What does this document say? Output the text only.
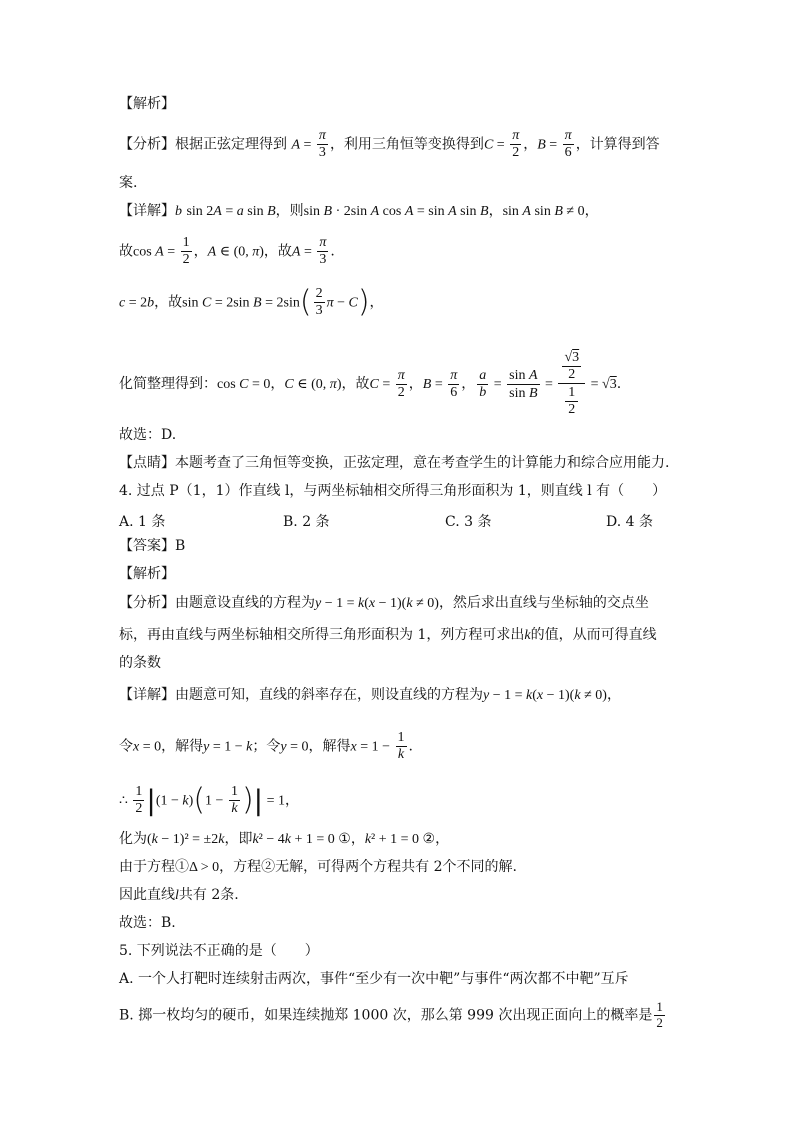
【解析】
【分析】根据正弦定理得到 $A = \frac{\pi}{3}$ ，利用三角恒等变换得到$C = \frac{\pi}{2}$ ，$B = \frac{\pi}{6}$ ，计算得到答
案.
【详解】b sin 2A = a sin B，则sin B · 2sin A cos A = sin A sin B，sin A sin B ≠ 0，
故$\cos A = \frac{1}{2}$ ，A ∈ (0, π)，故$A = \frac{\pi}{3}$ .
c = 2b，故sin C = 2sin $B = 2\sin( \frac{2}{3}$ π − C)，
化简整理得到：cos C = 0，C ∈ (0, π)，故$C = \frac{\pi}{2}$ ，$B = \frac{\pi}{6}$ ， $\frac{a}{b} = \frac{\text{sin A}}{\text{sin B}}$ =
$\frac{√3}{2}$
1
2
= √3.
故选：D.
【点睛】本题考查了三角恒等变换，正弦定理，意在考查学生的计算能力和综合应用能力.
4. 过点 P（1，1）作直线 l，与两坐标轴相交所得三角形面积为 1，则直线 l 有（　　）
A. 1 条	B. 2 条	C. 3 条	D. 4 条
【答案】B
【解析】
【分析】由题意设直线的方程为y − 1 = k(x − 1)(k ≠ 0)，然后求出直线与坐标轴的交点坐
标，再由直线与两坐标轴相交所得三角形面积为 1，列方程可求出k的值，从而可得直线
的条数
【详解】由题意可知，直线的斜率存在，则设直线的方程为y − 1 = k(x − 1)(k ≠ 0)，
令x = 0，解得y = 1 − k；令y = 0，解得$x = 1 - \frac{1}{k}$ .
∴ $\frac{1}{2} |(1 - k)(1 - \frac{1}{k}$ )| = 1，
化为(k − 1)² = ±2k，即k² − 4k + 1 = 0 ①，k² + 1 = 0 ②，
由于方程①Δ > 0，方程②无解，可得两个方程共有 2个不同的解.
因此直线l共有 2条.
故选：B.
5. 下列说法不正确的是（　　）
A. 一个人打靶时连续射击两次，事件“至少有一次中靶”与事件“两次都不中靶”互斥
B. 掷一枚均匀的硬币，如果连续抛郑 1000 次，那么第 999 次出现正面向上的概率是 $\frac{1}{2}$
